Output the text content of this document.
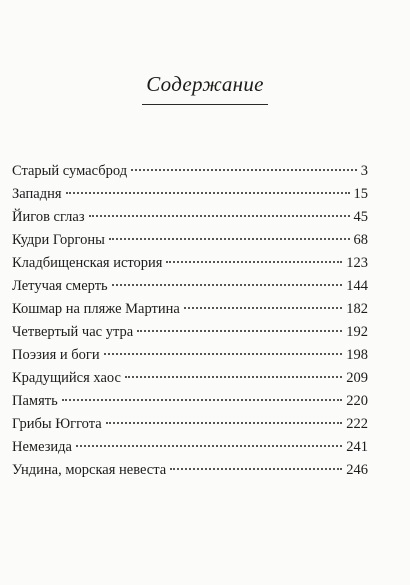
Содержание
Старый сумасброд	3
Западня	15
Йигов сглаз	45
Кудри Горгоны	68
Кладбищенская история	123
Летучая смерть	144
Кошмар на пляже Мартина	182
Четвертый час утра	192
Поэзия и боги	198
Крадущийся хаос	209
Память	220
Грибы Юггота	222
Немезида	241
Ундина, морская невеста	246
